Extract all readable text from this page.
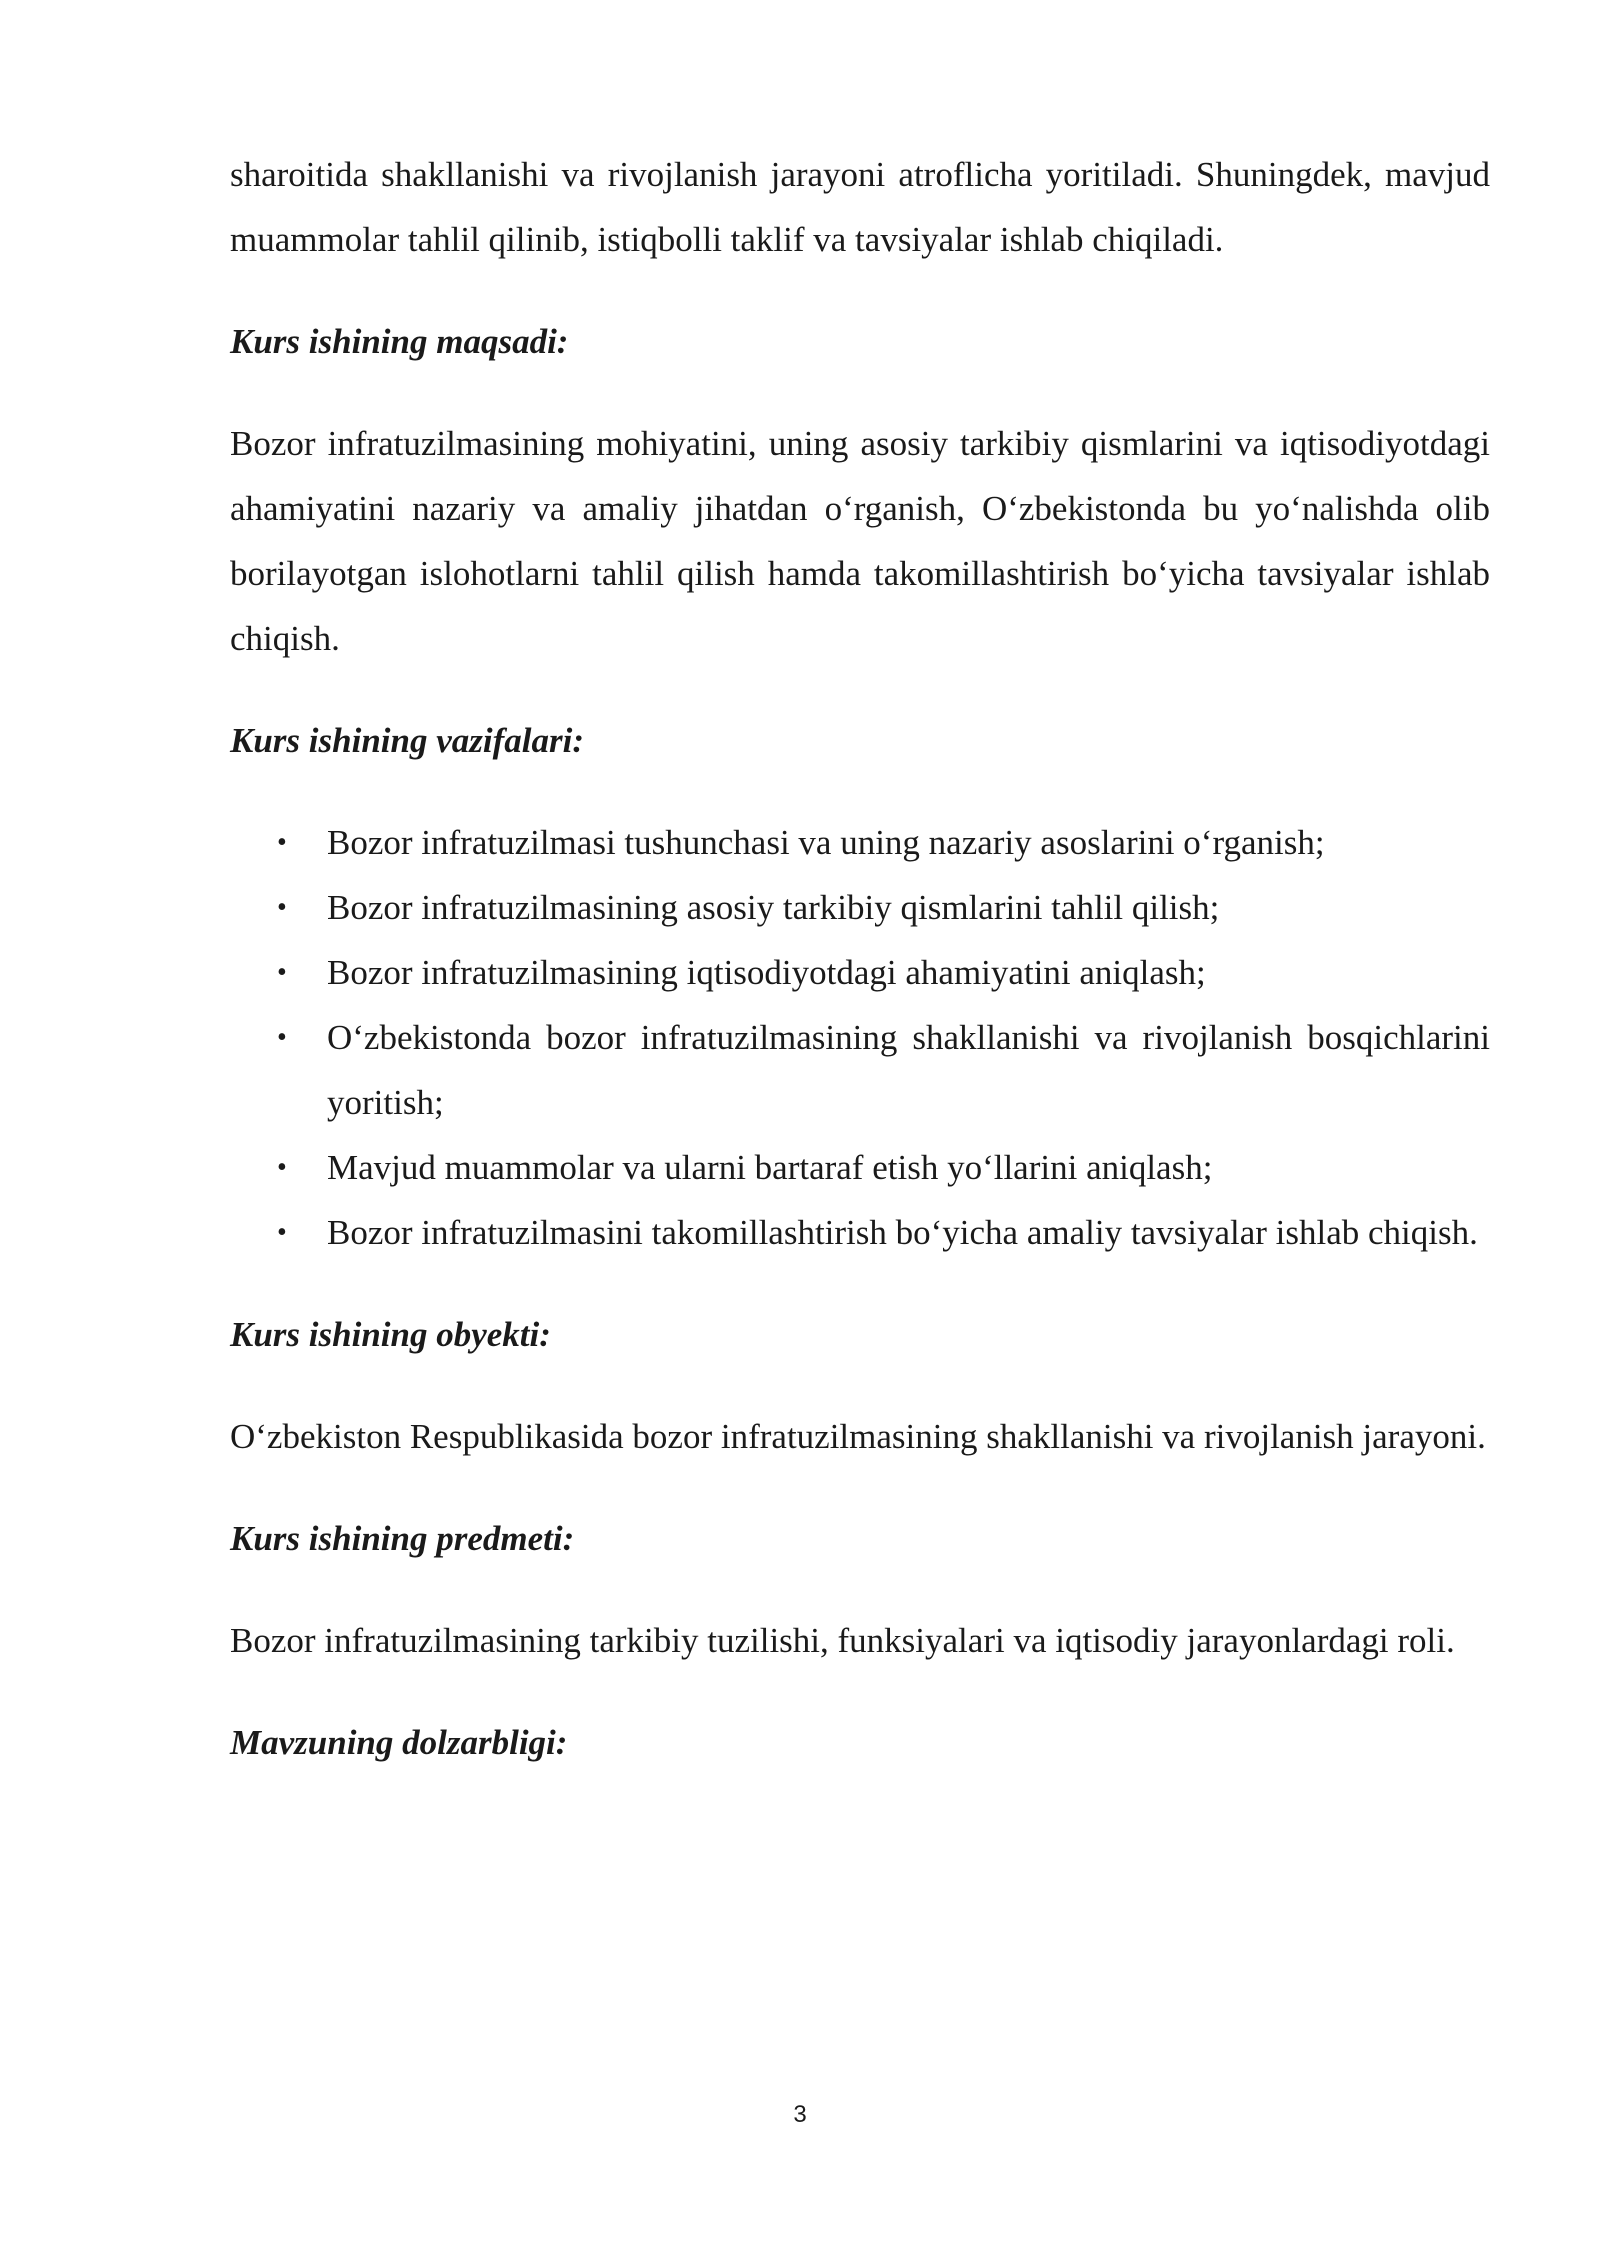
sharoitida shakllanishi va rivojlanish jarayoni atroflicha yoritiladi. Shuningdek, mavjud muammolar tahlil qilinib, istiqbolli taklif va tavsiyalar ishlab chiqiladi.

Kurs ishining maqsadi:

Bozor infratuzilmasining mohiyatini, uning asosiy tarkibiy qismlarini va iqtisodiyotdagi ahamiyatini nazariy va amaliy jihatdan o‘rganish, O‘zbekistonda bu yo‘nalishda olib borilayotgan islohotlarni tahlil qilish hamda takomillashtirish bo‘yicha tavsiyalar ishlab chiqish.

Kurs ishining vazifalari:

• Bozor infratuzilmasi tushunchasi va uning nazariy asoslarini o‘rganish;
• Bozor infratuzilmasining asosiy tarkibiy qismlarini tahlil qilish;
• Bozor infratuzilmasining iqtisodiyotdagi ahamiyatini aniqlash;
• O‘zbekistonda bozor infratuzilmasining shakllanishi va rivojlanish bosqichlarini yoritish;
• Mavjud muammolar va ularni bartaraf etish yo‘llarini aniqlash;
• Bozor infratuzilmasini takomillashtirish bo‘yicha amaliy tavsiyalar ishlab chiqish.

Kurs ishining obyekti:

O‘zbekiston Respublikasida bozor infratuzilmasining shakllanishi va rivojlanish jarayoni.

Kurs ishining predmeti:

Bozor infratuzilmasining tarkibiy tuzilishi, funksiyalari va iqtisodiy jarayonlardagi roli.

Mavzuning dolzarbligi:

3
